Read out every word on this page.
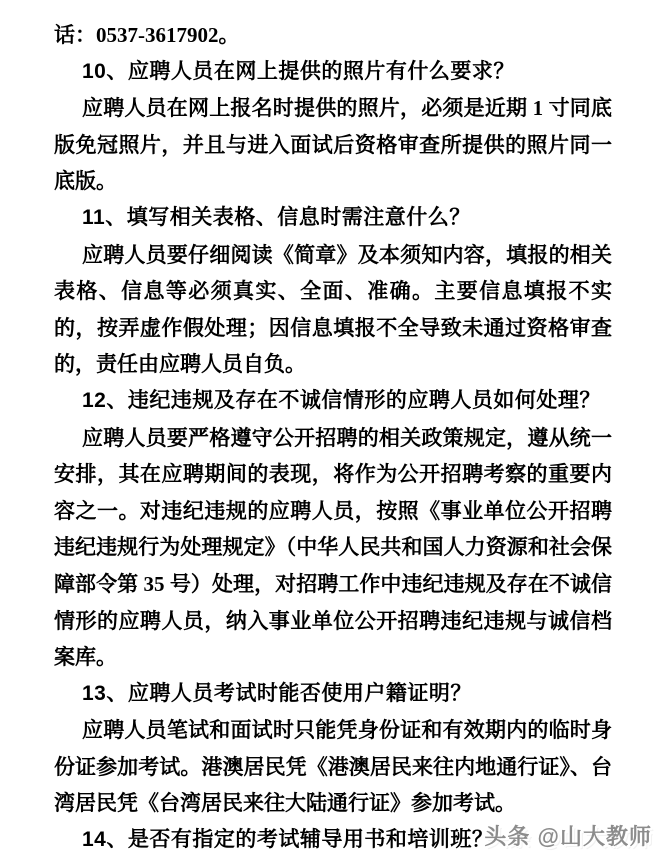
话：0537-3617902。

10、应聘人员在网上提供的照片有什么要求？

应聘人员在网上报名时提供的照片，必须是近期 1 寸同底版免冠照片，并且与进入面试后资格审查所提供的照片同一底版。

11、填写相关表格、信息时需注意什么？

应聘人员要仔细阅读《简章》及本须知内容，填报的相关表格、信息等必须真实、全面、准确。主要信息填报不实的，按弄虚作假处理；因信息填报不全导致未通过资格审查的，责任由应聘人员自负。

12、违纪违规及存在不诚信情形的应聘人员如何处理？

应聘人员要严格遵守公开招聘的相关政策规定，遵从统一安排，其在应聘期间的表现，将作为公开招聘考察的重要内容之一。对违纪违规的应聘人员，按照《事业单位公开招聘违纪违规行为处理规定》（中华人民共和国人力资源和社会保障部令第 35 号）处理，对招聘工作中违纪违规及存在不诚信情形的应聘人员，纳入事业单位公开招聘违纪违规与诚信档案库。

13、应聘人员考试时能否使用户籍证明？

应聘人员笔试和面试时只能凭身份证和有效期内的临时身份证参加考试。港澳居民凭《港澳居民来往内地通行证》、台湾居民凭《台湾居民来往大陆通行证》参加考试。

14、是否有指定的考试辅导用书和培训班？
头条 @山大教师
